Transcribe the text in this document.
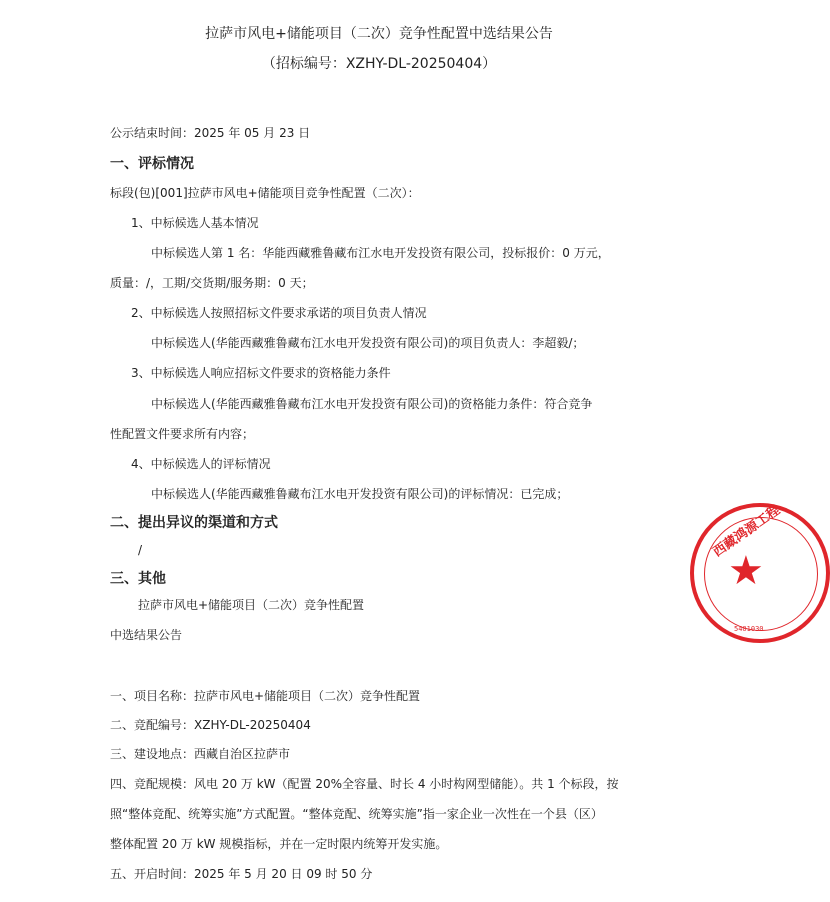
拉萨市风电+储能项目（二次）竞争性配置中选结果公告
（招标编号：XZHY-DL-20250404）
公示结束时间：2025 年 05 月 23 日
一、评标情况
标段(包)[001]拉萨市风电+储能项目竞争性配置（二次）：
1、中标候选人基本情况
中标候选人第 1 名：华能西藏雅鲁藏布江水电开发投资有限公司，投标报价：0 万元，
质量：/，工期/交货期/服务期：0 天；
2、中标候选人按照招标文件要求承诺的项目负责人情况
中标候选人(华能西藏雅鲁藏布江水电开发投资有限公司)的项目负责人：李超毅/；
3、中标候选人响应招标文件要求的资格能力条件
中标候选人(华能西藏雅鲁藏布江水电开发投资有限公司)的资格能力条件：符合竞争
性配置文件要求所有内容；
4、中标候选人的评标情况
中标候选人(华能西藏雅鲁藏布江水电开发投资有限公司)的评标情况：已完成；
二、提出异议的渠道和方式
/
三、其他
拉萨市风电+储能项目（二次）竞争性配置
中选结果公告
一、项目名称：拉萨市风电+储能项目（二次）竞争性配置
二、竞配编号：XZHY-DL-20250404
三、建设地点：西藏自治区拉萨市
四、竞配规模：风电 20 万 kW（配置 20%全容量、时长 4 小时构网型储能）。共 1 个标段，按
照“整体竞配、统筹实施”方式配置。“整体竞配、统筹实施”指一家企业一次性在一个县（区）
整体配置 20 万 kW 规模指标，并在一定时限内统筹开发实施。
五、开启时间：2025 年 5 月 20 日 09 时 50 分
★
西藏鸿源工程
5401030
